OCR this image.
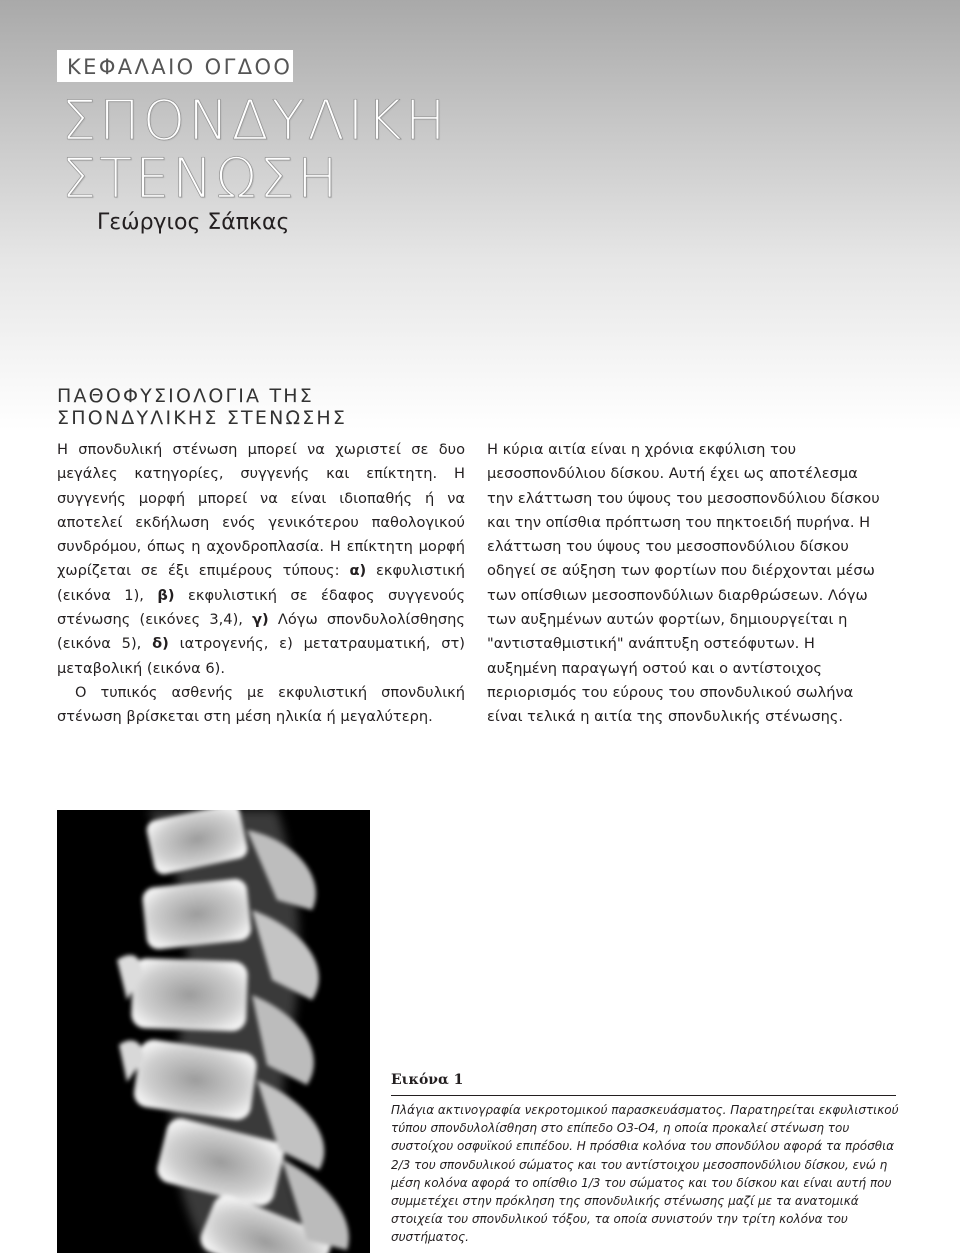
ΚΕΦΑΛΑΙΟ ΟΓΔΟΟ
ΣΠΟΝΔΥΛΙΚΗ
ΣΤΕΝΩΣΗ
Γεώργιος Σάπκας
ΠΑΘΟΦΥΣΙΟΛΟΓΙΑ ΤΗΣ
ΣΠΟΝΔΥΛΙΚΗΣ ΣΤΕΝΩΣΗΣ

Η σπονδυλική στένωση μπορεί να χωριστεί σε δυο μεγάλες κατηγορίες, συγγενής και επίκτητη. Η συγγενής μορφή μπορεί να είναι ιδιοπαθής ή να αποτελεί εκδήλωση ενός γενικότερου παθολογικού συνδρόμου, όπως η αχονδροπλασία. Η επίκτητη μορφή χωρίζεται σε έξι επιμέρους τύπους: α) εκφυλιστική (εικόνα 1), β) εκφυλιστική σε έδαφος συγγενούς στένωσης (εικόνες 3,4), γ) Λόγω σπονδυλολίσθησης (εικόνα 5), δ) ιατρογενής, ε) μετατραυματική, στ) μεταβολική (εικόνα 6).

Ο τυπικός ασθενής με εκφυλιστική σπονδυλική στένωση βρίσκεται στη μέση ηλικία ή μεγαλύτερη.

Η κύρια αιτία είναι η χρόνια εκφύλιση του μεσοσπονδύλιου δίσκου. Αυτή έχει ως αποτέλεσμα την ελάττωση του ύψους του μεσοσπονδύλιου δίσκου και την οπίσθια πρόπτωση του πηκτοειδή πυρήνα. Η ελάττωση του ύψους του μεσοσπονδύλιου δίσκου οδηγεί σε αύξηση των φορτίων που διέρχονται μέσω των οπίσθιων μεσοσπονδύλιων διαρθρώσεων. Λόγω των αυξημένων αυτών φορτίων, δημιουργείται η "αντισταθμιστική" ανάπτυξη οστεόφυτων. Η αυξημένη παραγωγή οστού και ο αντίστοιχος περιορισμός του εύρους του σπονδυλικού σωλήνα είναι τελικά η αιτία της σπονδυλικής στένωσης.

Εικόνα 1
Πλάγια ακτινογραφία νεκροτομικού παρασκευάσματος. Παρατηρείται εκφυλιστικού τύπου σπονδυλολίσθηση στο επίπεδο Ο3-Ο4, η οποία προκαλεί στένωση του συστοίχου οσφυϊκού επιπέδου. Η πρόσθια κολόνα του σπονδύλου αφορά τα πρόσθια 2/3 του σπονδυλικού σώματος και του αντίστοιχου μεσοσπονδύλιου δίσκου, ενώ η μέση κολόνα αφορά το οπίσθιο 1/3 του σώματος και του δίσκου και είναι αυτή που συμμετέχει στην πρόκληση της σπονδυλικής στένωσης μαζί με τα ανατομικά στοιχεία του σπονδυλικού τόξου, τα οποία συνιστούν την τρίτη κολόνα του συστήματος.
